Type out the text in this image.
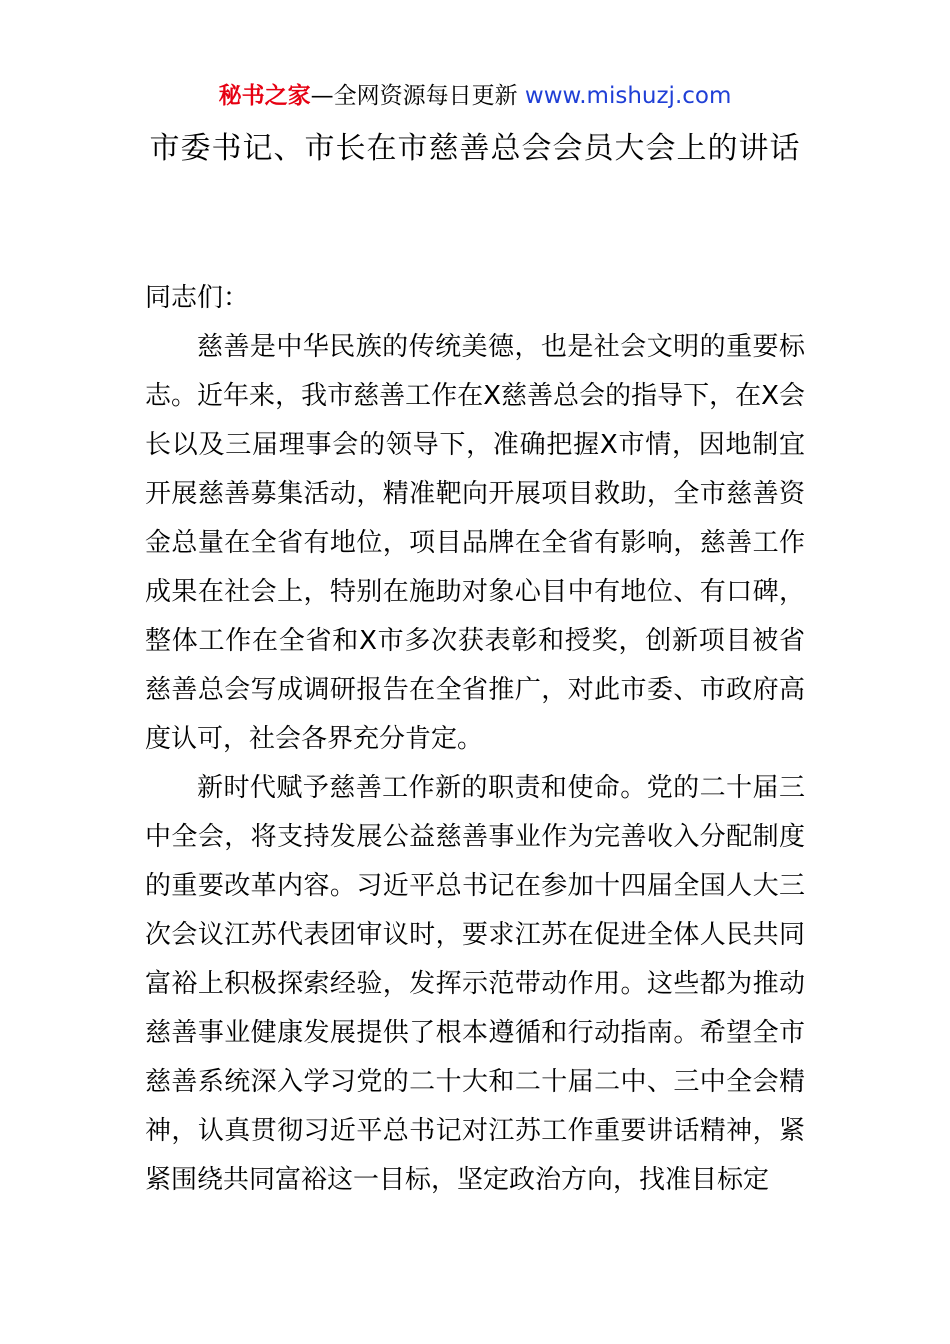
秘书之家—全网资源每日更新 www.mishuzj.com
市委书记、市长在市慈善总会会员大会上的讲话

同志们：

慈善是中华民族的传统美德，也是社会文明的重要标志。近年来，我市慈善工作在X慈善总会的指导下，在X会长以及三届理事会的领导下，准确把握X市情，因地制宜开展慈善募集活动，精准靶向开展项目救助，全市慈善资金总量在全省有地位，项目品牌在全省有影响，慈善工作成果在社会上，特别在施助对象心目中有地位、有口碑，整体工作在全省和X市多次获表彰和授奖，创新项目被省慈善总会写成调研报告在全省推广，对此市委、市政府高度认可，社会各界充分肯定。

新时代赋予慈善工作新的职责和使命。党的二十届三中全会，将支持发展公益慈善事业作为完善收入分配制度的重要改革内容。习近平总书记在参加十四届全国人大三次会议江苏代表团审议时，要求江苏在促进全体人民共同富裕上积极探索经验，发挥示范带动作用。这些都为推动慈善事业健康发展提供了根本遵循和行动指南。希望全市慈善系统深入学习党的二十大和二十届二中、三中全会精神，认真贯彻习近平总书记对江苏工作重要讲话精神，紧紧围绕共同富裕这一目标，坚定政治方向，找准目标定
